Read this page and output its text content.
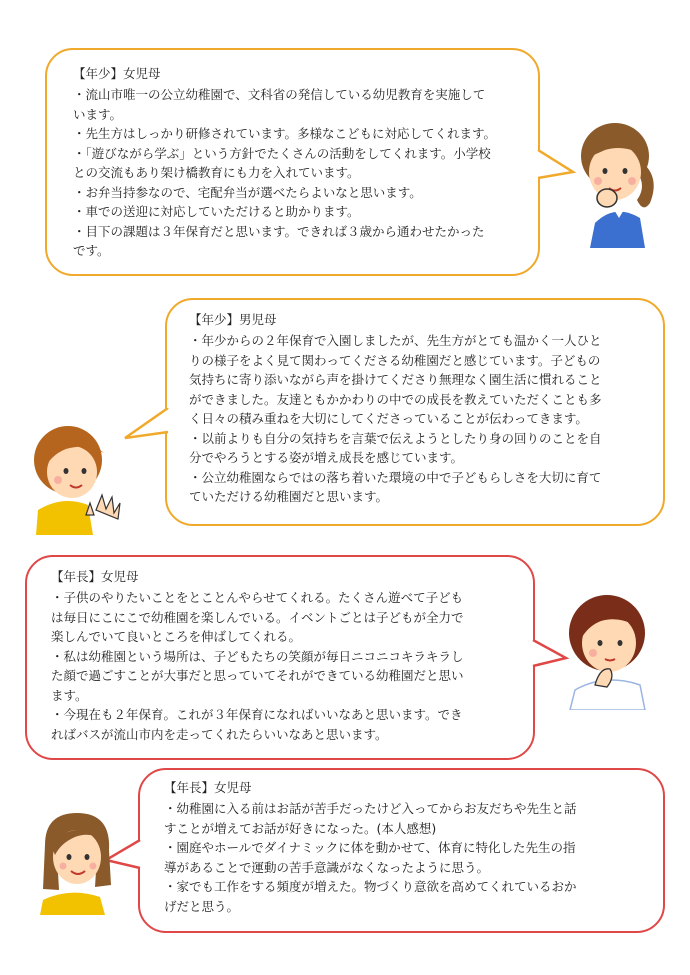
【年少】女児母

・流山市唯一の公立幼稚園で、文科省の発信している幼児教育を実施して

います。

・先生方はしっかり研修されています。多様なこどもに対応してくれます。

・「遊びながら学ぶ」という方針でたくさんの活動をしてくれます。小学校

との交流もあり架け橋教育にも力を入れています。

・お弁当持参なので、宅配弁当が選べたらよいなと思います。

・車での送迎に対応していただけると助かります。

・目下の課題は３年保育だと思います。できれば３歳から通わせたかった

です。

【年少】男児母

・年少からの２年保育で入園しましたが、先生方がとても温かく一人ひと

りの様子をよく見て関わってくださる幼稚園だと感じています。子どもの

気持ちに寄り添いながら声を掛けてくださり無理なく園生活に慣れること

ができました。友達ともかかわりの中での成長を教えていただくことも多

く日々の積み重ねを大切にしてくださっていることが伝わってきます。

・以前よりも自分の気持ちを言葉で伝えようとしたり身の回りのことを自

分でやろうとする姿が増え成長を感じています。

・公立幼稚園ならではの落ち着いた環境の中で子どもらしさを大切に育て

ていただける幼稚園だと思います。

【年長】女児母

・子供のやりたいことをとことんやらせてくれる。たくさん遊べて子ども

は毎日にこにこで幼稚園を楽しんでいる。イベントごとは子どもが全力で

楽しんでいて良いところを伸ばしてくれる。

・私は幼稚園という場所は、子どもたちの笑顔が毎日ニコニコキラキラし

た顔で過ごすことが大事だと思っていてそれができている幼稚園だと思い

ます。

・今現在も２年保育。これが３年保育になればいいなあと思います。でき

ればバスが流山市内を走ってくれたらいいなあと思います。

【年長】女児母

・幼稚園に入る前はお話が苦手だったけど入ってからお友だちや先生と話

すことが増えてお話が好きになった。(本人感想)

・園庭やホールでダイナミックに体を動かせて、体育に特化した先生の指

導があることで運動の苦手意識がなくなったように思う。

・家でも工作をする頻度が増えた。物づくり意欲を高めてくれているおか

げだと思う。
